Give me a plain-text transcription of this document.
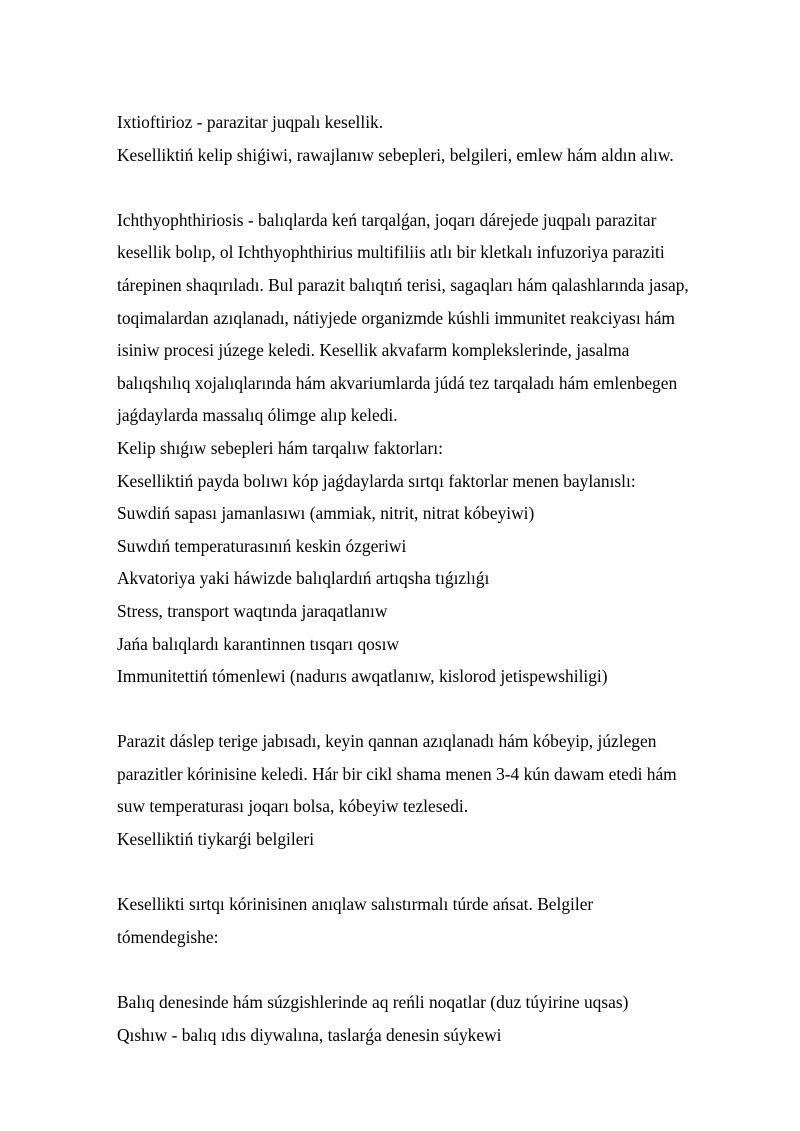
Ixtioftirioz - parazitar juqpalı kesellik.
Keselliktiń kelip shiǵiwi, rawajlanıw sebepleri, belgileri, emlew hám aldın alıw.
Ichthyophthiriosis - balıqlarda keń tarqalǵan, joqarı dárejede juqpalı parazitar
kesellik bolıp, ol Ichthyophthirius multifiliis atlı bir kletkalı infuzoriya paraziti
tárepinen shaqırıladı. Bul parazit balıqtıń terisi, sagaqları hám qalashlarında jasap,
toqimalardan azıqlanadı, nátiyjede organizmde kúshli immunitet reakciyası hám
isiniw procesi júzege keledi. Kesellik akvafarm komplekslerinde, jasalma
balıqshılıq xojalıqlarında hám akvariumlarda júdá tez tarqaladı hám emlenbegen
jaǵdaylarda massalıq ólimge alıp keledi.
Kelip shıǵıw sebepleri hám tarqalıw faktorları:
Keselliktiń payda bolıwı kóp jaǵdaylarda sırtqı faktorlar menen baylanıslı:
Suwdiń sapası jamanlasıwı (ammiak, nitrit, nitrat kóbeyiwi)
Suwdıń temperaturasınıń keskin ózgeriwi
Akvatoriya yaki háwizde balıqlardıń artıqsha tıǵızlıǵı
Stress, transport waqtında jaraqatlanıw
Jańa balıqlardı karantinnen tısqarı qosıw
Immunitettiń tómenlewi (nadurıs awqatlanıw, kislorod jetispewshiligi)
Parazit dáslep terige jabısadı, keyin qannan azıqlanadı hám kóbeyip, júzlegen
parazitler kórinisine keledi. Hár bir cikl shama menen 3-4 kún dawam etedi hám
suw temperaturası joqarı bolsa, kóbeyiw tezlesedi.
Keselliktiń tiykarǵi belgileri
Kesellikti sırtqı kórinisinen anıqlaw salıstırmalı túrde ańsat. Belgiler
tómendegishe:
Balıq denesinde hám súzgishlerinde aq reńli noqatlar (duz túyirine uqsas)
Qıshıw - balıq ıdıs diywalına, taslarǵa denesin súykewi
